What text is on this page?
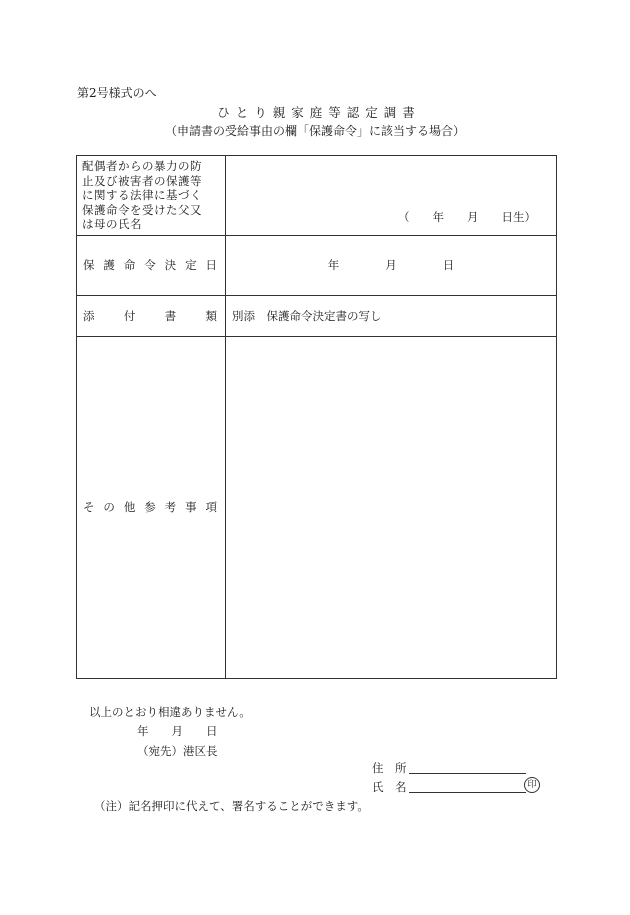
第2号様式のへ
ひとり親家庭等認定調書
（申請書の受給事由の欄「保護命令」に該当する場合）
配偶者からの暴力の防
止及び被害者の保護等
に関する法律に基づく
保護命令を受けた父又
は母の氏名	（　　年　　月　　日生）

保護命令決定日	年　　　　月　　　　日
添付書類	別添　保護命令決定書の写し
その他参考事項	
以上のとおり相違ありません。
年　　月　　日
（宛先）港区長
住　所
氏　名	印
（注）記名押印に代えて、署名することができます。
